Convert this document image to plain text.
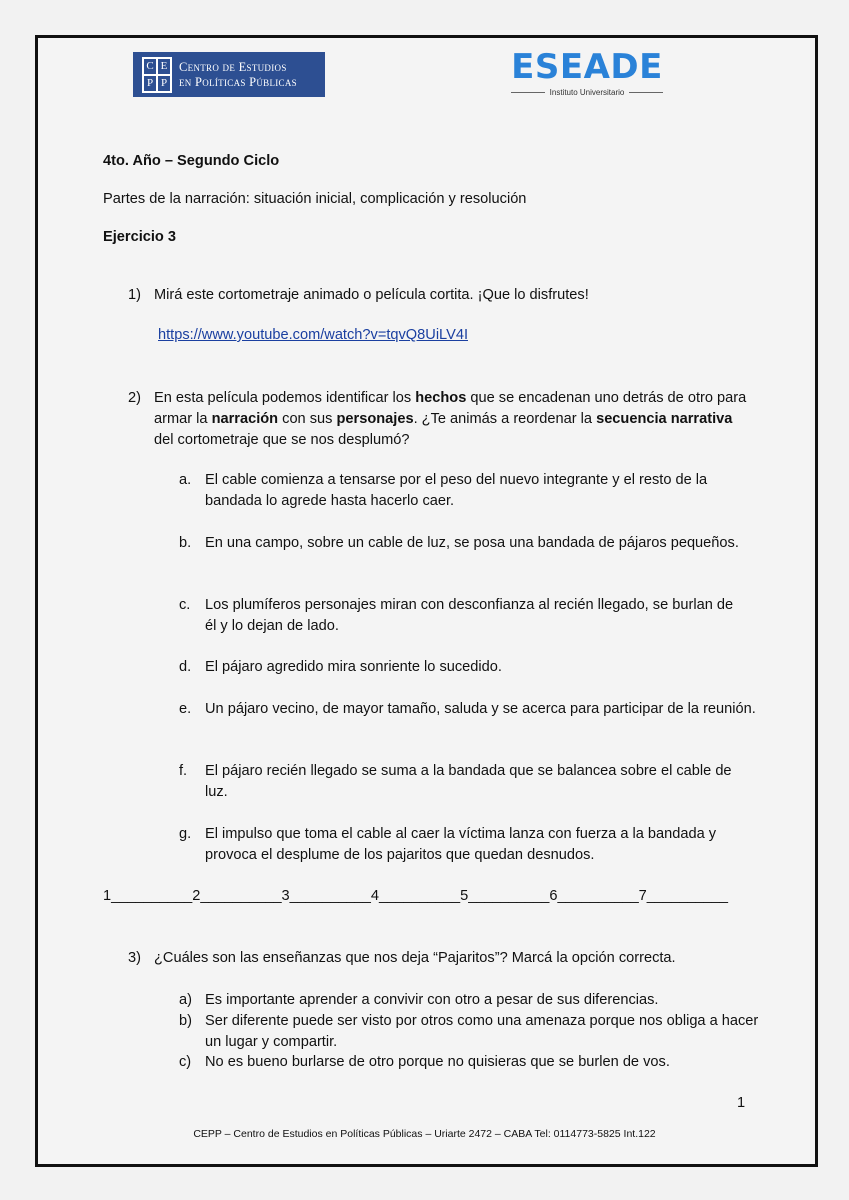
C E
P P
Centro de Estudios
en Políticas Públicas	ESEADE
Instituto Universitario
4to. Año – Segundo Ciclo
Partes de la narración: situación inicial, complicación y resolución
Ejercicio 3
1) Mirá este cortometraje animado o película cortita. ¡Que lo disfrutes!
https://www.youtube.com/watch?v=tqvQ8UiLV4I
2) En esta película podemos identificar los hechos que se encadenan uno detrás de otro para armar la narración con sus personajes. ¿Te animás a reordenar la secuencia narrativa del cortometraje que se nos desplumó?
a. El cable comienza a tensarse por el peso del nuevo integrante y el resto de la bandada lo agrede hasta hacerlo caer.
b. En una campo, sobre un cable de luz, se posa una bandada de pájaros pequeños.
c. Los plumíferos personajes miran con desconfianza al recién llegado, se burlan de él y lo dejan de lado.
d. El pájaro agredido mira sonriente lo sucedido.
e. Un pájaro vecino, de mayor tamaño, saluda y se acerca para participar de la reunión.
f. El pájaro recién llegado se suma a la bandada que se balancea sobre el cable de luz.
g. El impulso que toma el cable al caer la víctima lanza con fuerza a la bandada y provoca el desplume de los pajaritos que quedan desnudos.
1__________2__________3__________4__________5__________6__________7__________
3) ¿Cuáles son las enseñanzas que nos deja “Pajaritos”? Marcá la opción correcta.
a) Es importante aprender a convivir con otro a pesar de sus diferencias.
b) Ser diferente puede ser visto por otros como una amenaza porque nos obliga a hacer un lugar y compartir.
c) No es bueno burlarse de otro porque no quisieras que se burlen de vos.
1
CEPP – Centro de Estudios en Políticas Públicas – Uriarte 2472 – CABA Tel: 0114773-5825 Int.122
